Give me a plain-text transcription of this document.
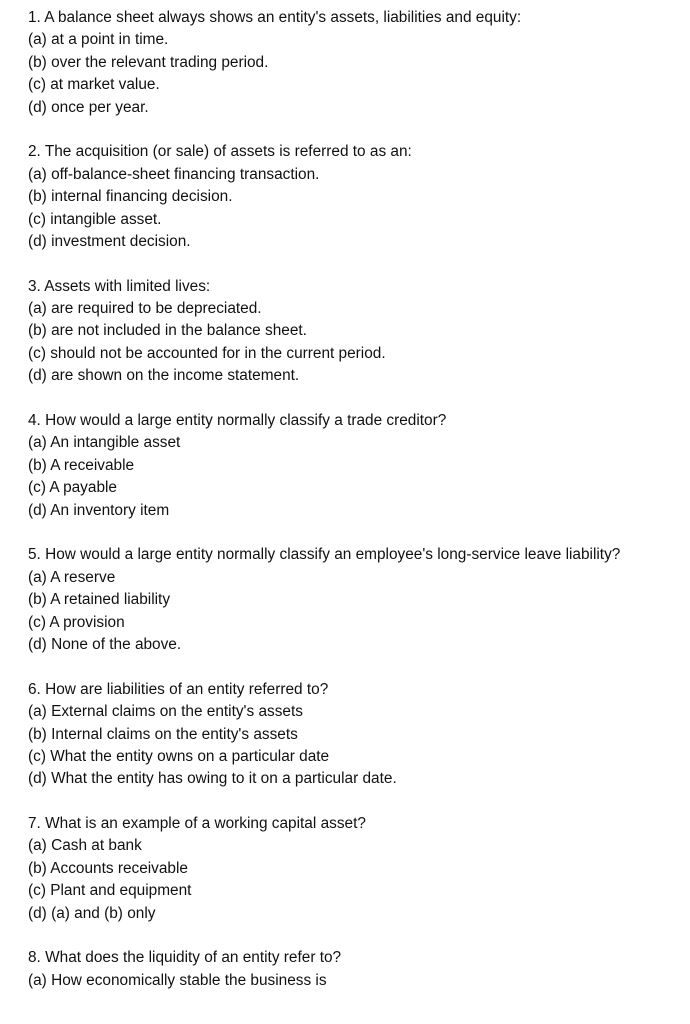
1. A balance sheet always shows an entity's assets, liabilities and equity:
(a) at a point in time.
(b) over the relevant trading period.
(c) at market value.
(d) once per year.
2. The acquisition (or sale) of assets is referred to as an:
(a) off-balance-sheet financing transaction.
(b) internal financing decision.
(c) intangible asset.
(d) investment decision.
3. Assets with limited lives:
(a) are required to be depreciated.
(b) are not included in the balance sheet.
(c) should not be accounted for in the current period.
(d) are shown on the income statement.
4. How would a large entity normally classify a trade creditor?
(a) An intangible asset
(b) A receivable
(c) A payable
(d) An inventory item
5. How would a large entity normally classify an employee's long-service leave liability?
(a) A reserve
(b) A retained liability
(c) A provision
(d) None of the above.
6. How are liabilities of an entity referred to?
(a) External claims on the entity's assets
(b) Internal claims on the entity's assets
(c) What the entity owns on a particular date
(d) What the entity has owing to it on a particular date.
7. What is an example of a working capital asset?
(a) Cash at bank
(b) Accounts receivable
(c) Plant and equipment
(d) (a) and (b) only
8. What does the liquidity of an entity refer to?
(a) How economically stable the business is
